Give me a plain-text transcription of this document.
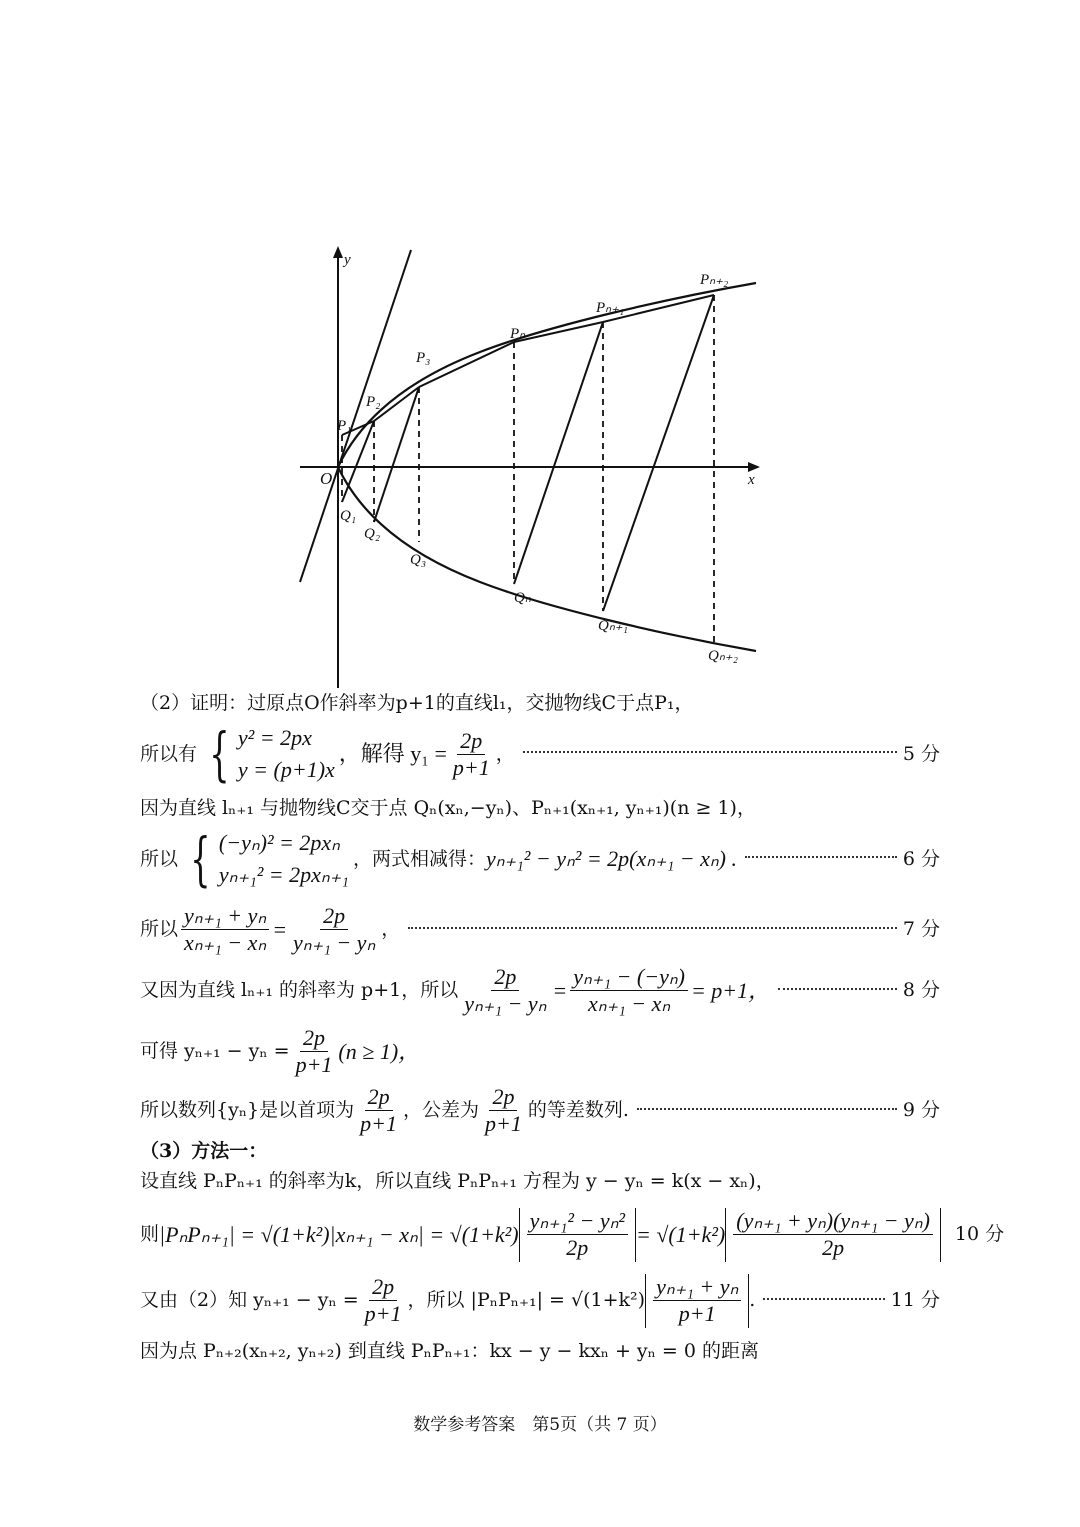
y
x
O
P₁
P₂
P₃
Pₙ
Pₙ₊₁
Pₙ₊₂
Q₁
Q₂
Q₃
Qₙ
Qₙ₊₁
Qₙ₊₂
（2）证明：过原点O作斜率为p+1的直线l₁，交抛物线C于点P₁，
所以有 { y² = 2px
y = (p+1)x
，解得 $y_1 = \frac{2p}{p+1}$ ，	5 分
因为直线 lₙ₊₁ 与抛物线C交于点 Qₙ(xₙ,−yₙ)、Pₙ₊₁(xₙ₊₁, yₙ₊₁)(n ≥ 1)，
所以 { (−yₙ)² = 2pxₙ
yₙ₊₁² = 2pxₙ₊₁
，两式相减得： yₙ₊₁² − yₙ² = 2p(xₙ₊₁ − xₙ) .	6 分
所以 $\frac{\text{yₙ₊₁ + yₙ}}{\text{xₙ₊₁ − xₙ}} = \frac{2p}{\text{yₙ₊₁ − yₙ}}$ ，	7 分
又因为直线 lₙ₊₁ 的斜率为 p+1，所以 $\frac{2p}{\text{yₙ₊₁ − yₙ}} = \frac{\text{yₙ₊₁ − (−yₙ)}}{\text{xₙ₊₁ − xₙ}} = p+1$，	8 分
可得 $y_{n+1} - y_n = \frac{2p}{p+1} (n \ge 1)$，
所以数列{yₙ}是以首项为 $\frac{2p}{p+1}$ ，公差为 $\frac{2p}{p+1}$ 的等差数列.	9 分
（3）方法一：
设直线 PₙPₙ₊₁ 的斜率为k，所以直线 PₙPₙ₊₁ 方程为 y − yₙ = k(x − xₙ)，
则 $|P_nP_{n+1}| = √(1+k^2)|x_{n+1} - x_n| = √(1+k^2) \frac{\text{yₙ₊₁² − yₙ²}}{2p} = √(1+k^2) \frac{\text{(yₙ₊₁ + yₙ)(yₙ₊₁ − yₙ)}}{2p} 10$ 分
又由（2）知 $y_{n+1} - y_n = \frac{2p}{p+1}$ ，所以 $|P_nP_{n+1}| = √(1+k^2) \frac{\text{yₙ₊₁ + yₙ}}{p+1}$ .	11 分
因为点 Pₙ₊₂(xₙ₊₂, yₙ₊₂) 到直线 PₙPₙ₊₁：kx − y − kxₙ + yₙ = 0 的距离
数学参考答案　第5页（共 7 页）
